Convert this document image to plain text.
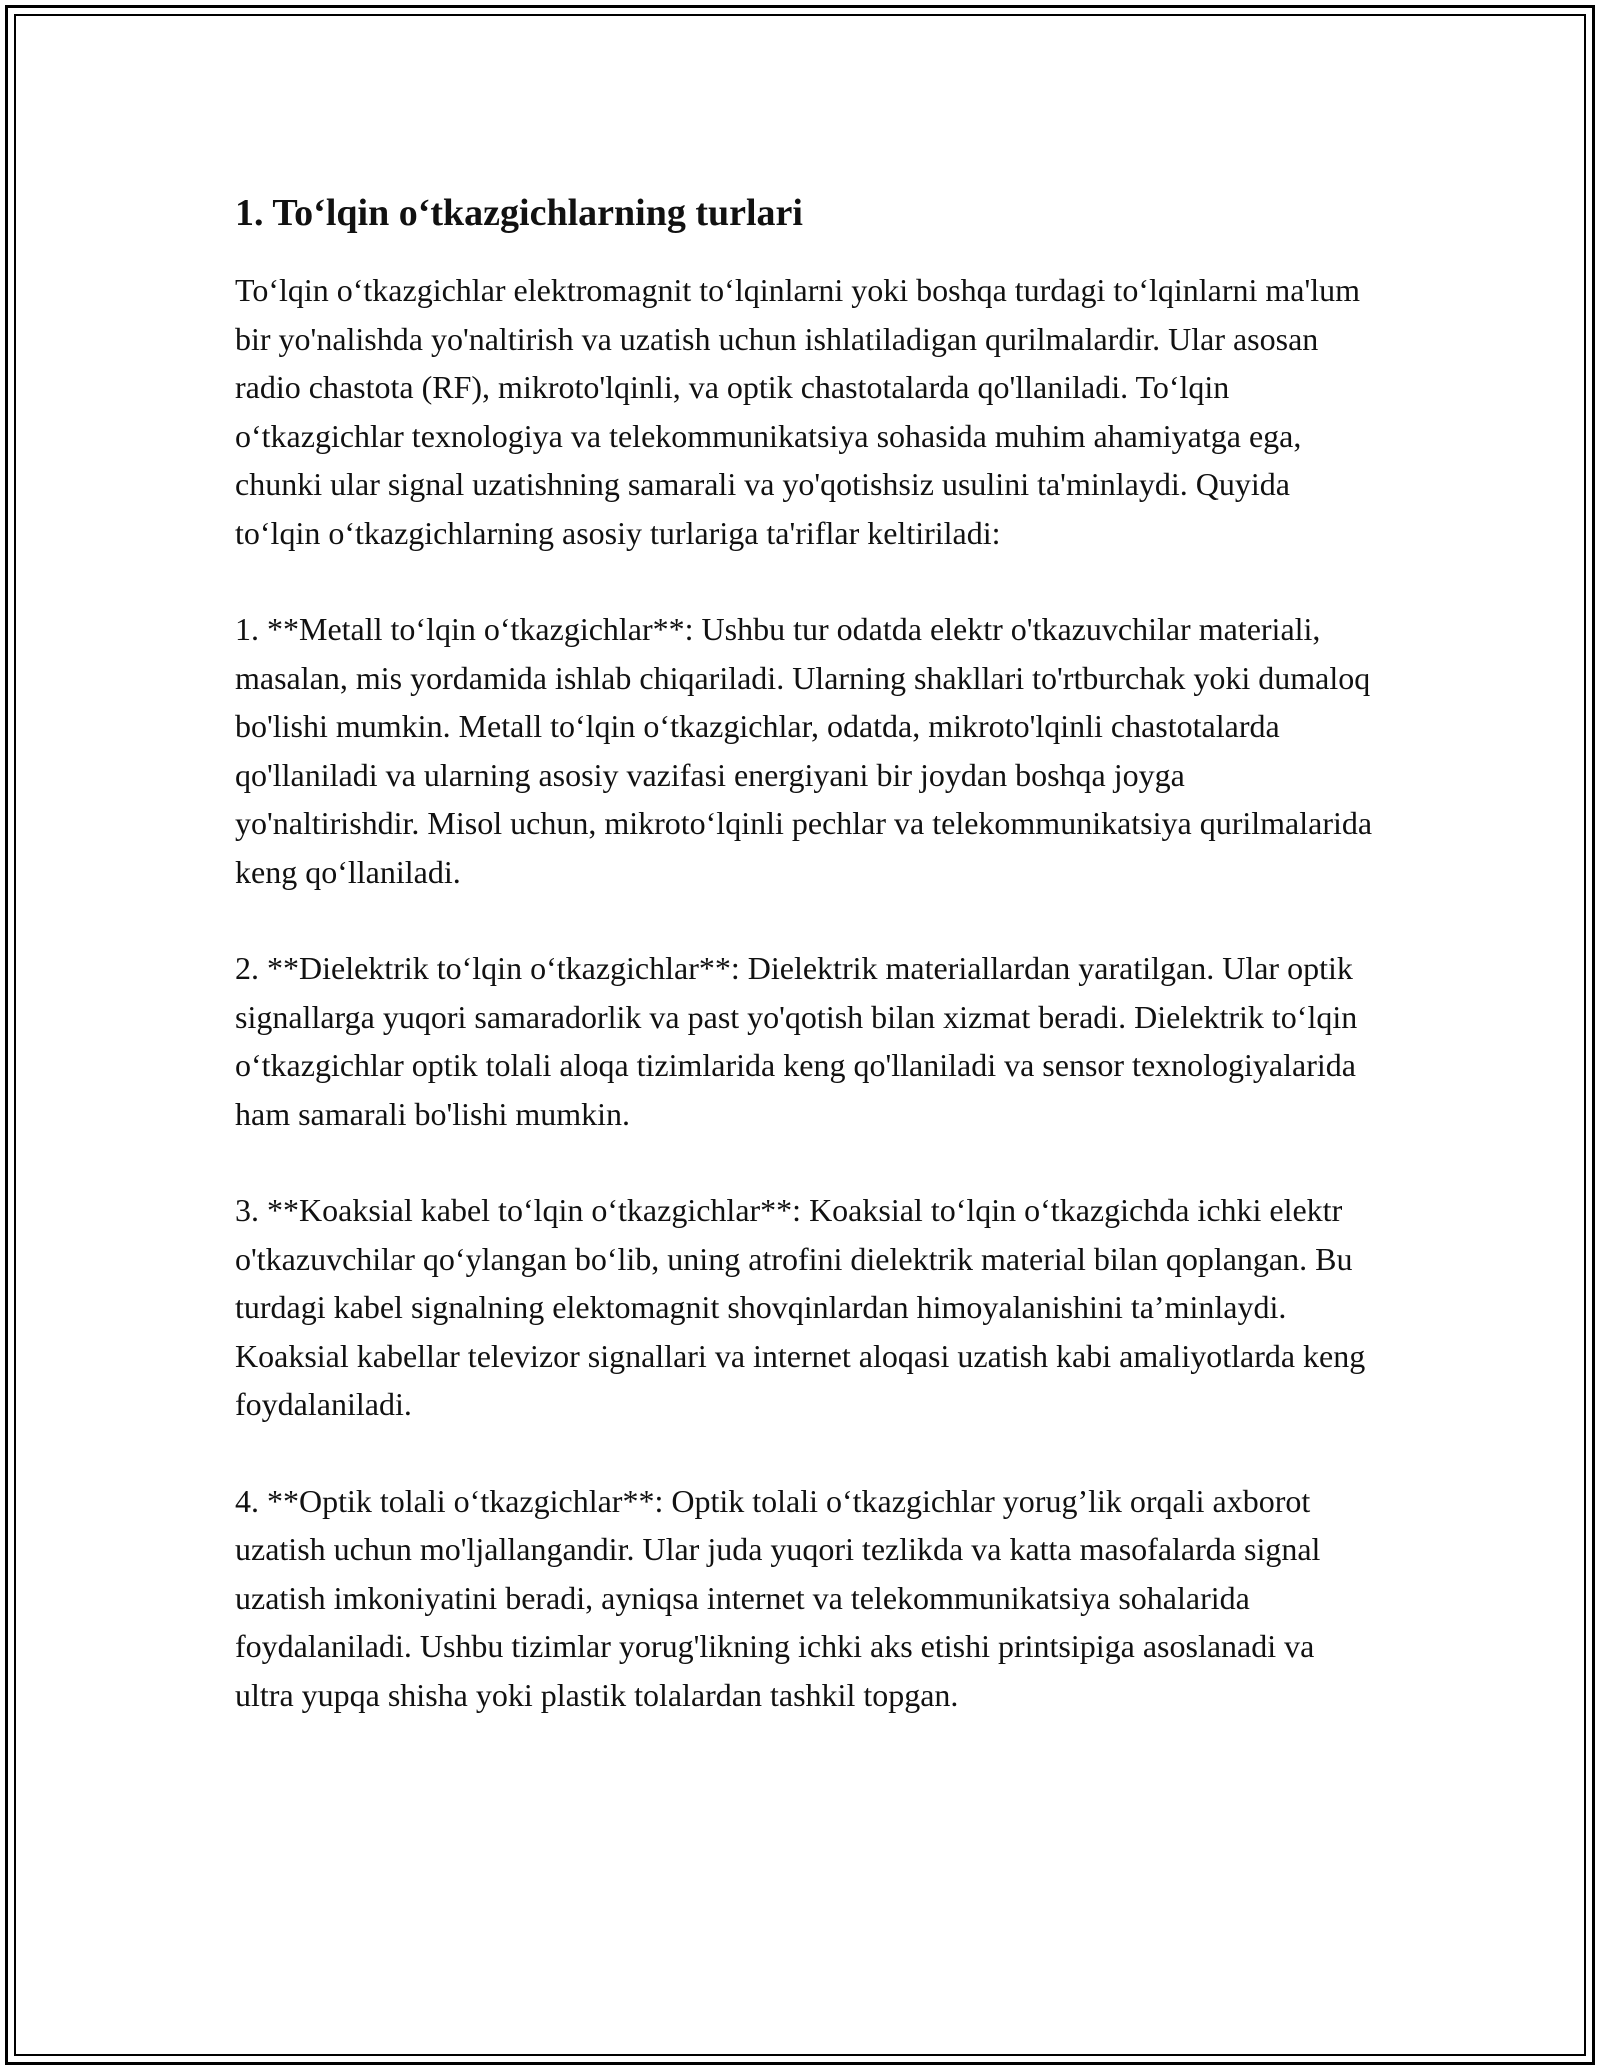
1. To‘lqin o‘tkazgichlarning turlari

To‘lqin o‘tkazgichlar elektromagnit to‘lqinlarni yoki boshqa turdagi to‘lqinlarni ma'lum bir yo'nalishda yo'naltirish va uzatish uchun ishlatiladigan qurilmalardir. Ular asosan radio chastota (RF), mikroto'lqinli, va optik chastotalarda qo'llaniladi. To‘lqin o‘tkazgichlar texnologiya va telekommunikatsiya sohasida muhim ahamiyatga ega, chunki ular signal uzatishning samarali va yo'qotishsiz usulini ta'minlaydi. Quyida to‘lqin o‘tkazgichlarning asosiy turlariga ta'riflar keltiriladi:

1. **Metall to‘lqin o‘tkazgichlar**: Ushbu tur odatda elektr o'tkazuvchilar materiali, masalan, mis yordamida ishlab chiqariladi. Ularning shakllari to'rtburchak yoki dumaloq bo'lishi mumkin. Metall to‘lqin o‘tkazgichlar, odatda, mikroto'lqinli chastotalarda qo'llaniladi va ularning asosiy vazifasi energiyani bir joydan boshqa joyga yo'naltirishdir. Misol uchun, mikroto‘lqinli pechlar va telekommunikatsiya qurilmalarida keng qo‘llaniladi.

2. **Dielektrik to‘lqin o‘tkazgichlar**: Dielektrik materiallardan yaratilgan. Ular optik signallarga yuqori samaradorlik va past yo'qotish bilan xizmat beradi. Dielektrik to‘lqin o‘tkazgichlar optik tolali aloqa tizimlarida keng qo'llaniladi va sensor texnologiyalarida ham samarali bo'lishi mumkin.

3. **Koaksial kabel to‘lqin o‘tkazgichlar**: Koaksial to‘lqin o‘tkazgichda ichki elektr o'tkazuvchilar qo‘ylangan bo‘lib, uning atrofini dielektrik material bilan qoplangan. Bu turdagi kabel signalning elektomagnit shovqinlardan himoyalanishini ta’minlaydi. Koaksial kabellar televizor signallari va internet aloqasi uzatish kabi amaliyotlarda keng foydalaniladi.

4. **Optik tolali o‘tkazgichlar**: Optik tolali o‘tkazgichlar yorug’lik orqali axborot uzatish uchun mo'ljallangandir. Ular juda yuqori tezlikda va katta masofalarda signal uzatish imkoniyatini beradi, ayniqsa internet va telekommunikatsiya sohalarida foydalaniladi. Ushbu tizimlar yorug'likning ichki aks etishi printsipiga asoslanadi va ultra yupqa shisha yoki plastik tolalardan tashkil topgan.
